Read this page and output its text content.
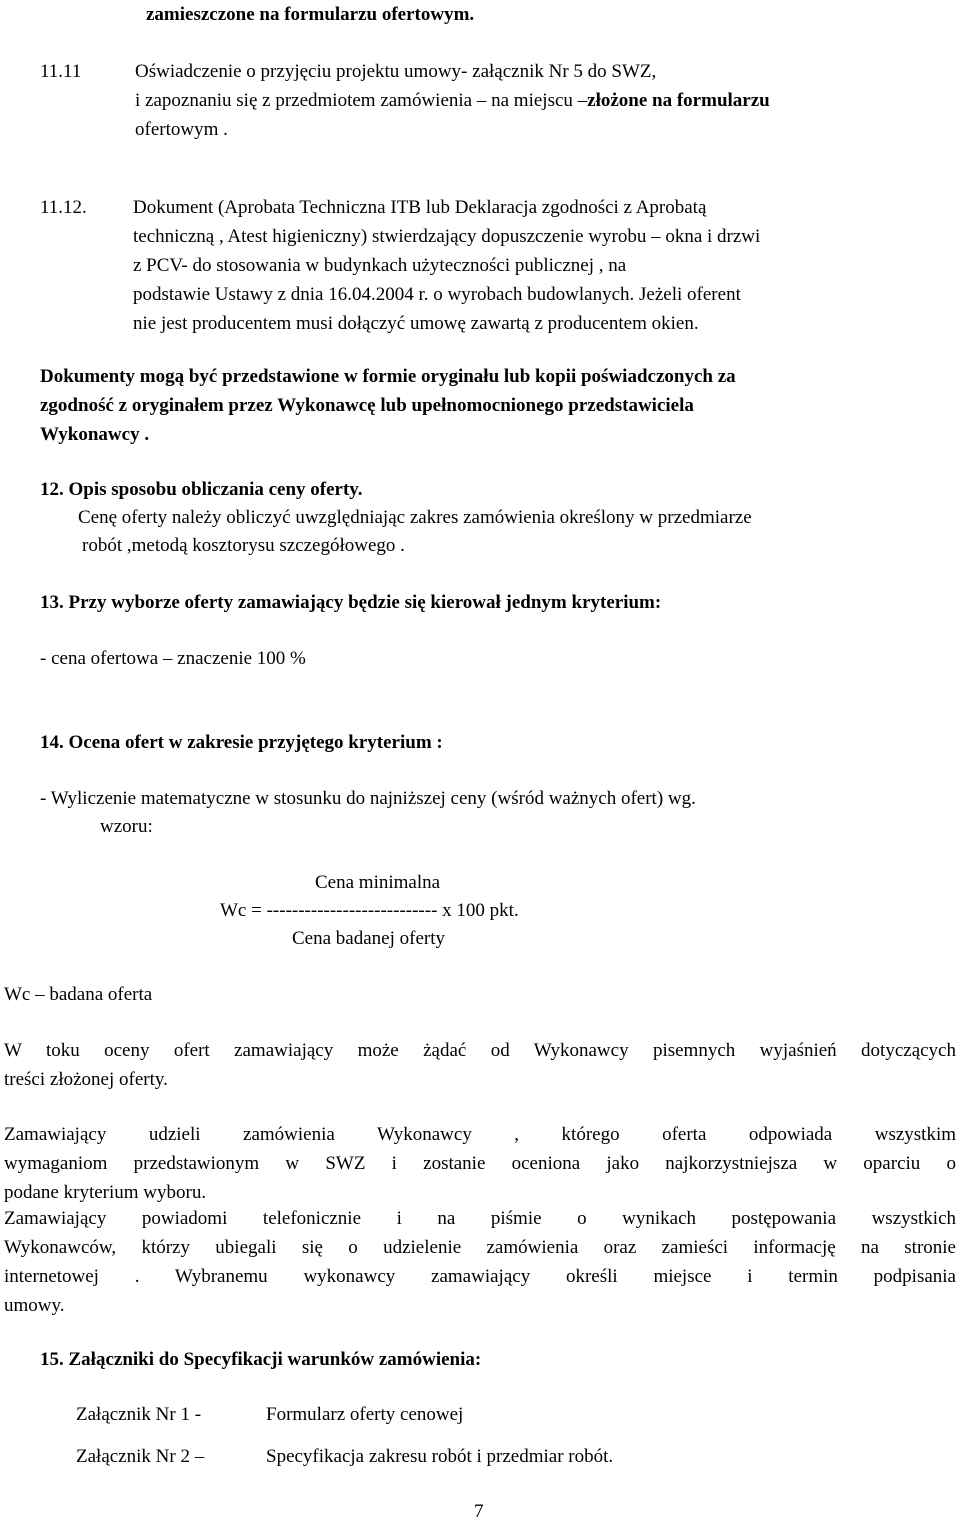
zamieszczone na formularzu ofertowym.
11.11	Oświadczenie o przyjęciu projektu umowy- załącznik Nr 5 do SWZ,
i zapoznaniu się z przedmiotem zamówienia – na miejscu –złożone na formularzu
ofertowym .
11.12. Dokument (Aprobata Techniczna ITB lub Deklaracja zgodności z Aprobatą
techniczną , Atest higieniczny) stwierdzający dopuszczenie wyrobu – okna i drzwi
z PCV- do stosowania w budynkach użyteczności publicznej , na
podstawie Ustawy z dnia 16.04.2004 r. o wyrobach budowlanych. Jeżeli oferent
nie jest producentem musi dołączyć umowę zawartą z producentem okien.
Dokumenty mogą być przedstawione w formie oryginału lub kopii poświadczonych za
zgodność z oryginałem przez Wykonawcę lub upełnomocnionego przedstawiciela
Wykonawcy .
12. Opis sposobu obliczania ceny oferty.
Cenę oferty należy obliczyć uwzględniając zakres zamówienia określony w przedmiarze
robót ,metodą kosztorysu szczegółowego .
13. Przy wyborze oferty zamawiający będzie się kierował jednym kryterium:
- cena ofertowa – znaczenie 100 %
14. Ocena ofert w zakresie przyjętego kryterium :
- Wyliczenie matematyczne w stosunku do najniższej ceny (wśród ważnych ofert) wg.
wzoru:
Cena minimalna
Wc = --------------------------- x 100 pkt.
Cena badanej oferty
Wc – badana oferta
W toku oceny ofert zamawiający może żądać od Wykonawcy pisemnych wyjaśnień dotyczących
treści złożonej oferty.
Zamawiający udzieli zamówienia Wykonawcy , którego oferta odpowiada wszystkim
wymaganiom przedstawionym w SWZ i zostanie oceniona jako najkorzystniejsza w oparciu o
podane kryterium wyboru.
Zamawiający powiadomi telefonicznie i na piśmie o wynikach postępowania wszystkich
Wykonawców, którzy ubiegali się o udzielenie zamówienia oraz zamieści informację na stronie
internetowej . Wybranemu wykonawcy zamawiający określi miejsce i termin podpisania
umowy.
15. Załączniki do Specyfikacji warunków zamówienia:
Załącznik Nr 1 -	Formularz oferty cenowej
Załącznik Nr 2 –	Specyfikacja zakresu robót i przedmiar robót.
7
